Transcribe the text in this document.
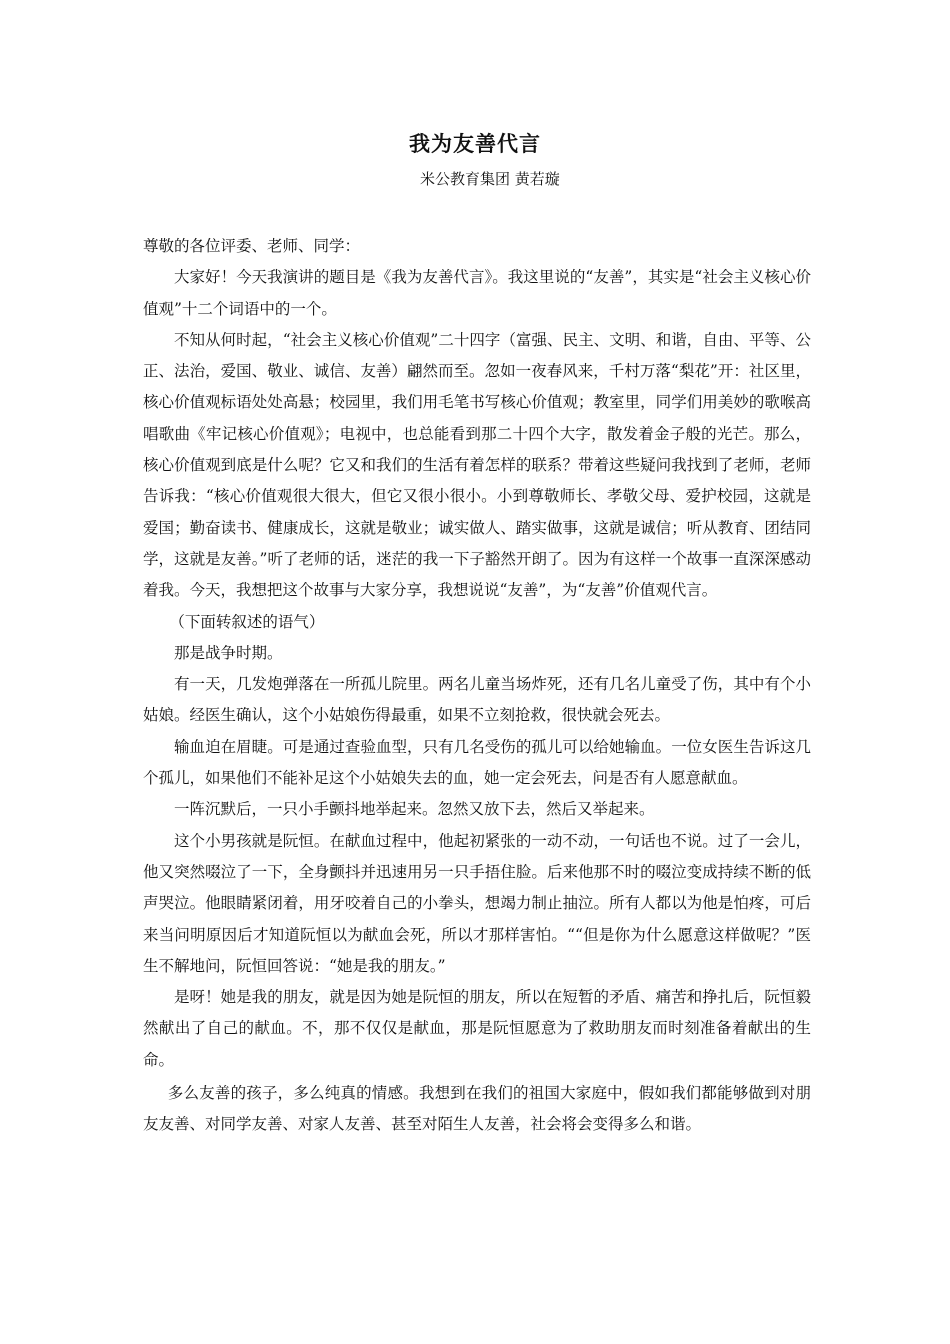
我为友善代言

米公教育集团 黄若璇

尊敬的各位评委、老师、同学：

大家好！今天我演讲的题目是《我为友善代言》。我这里说的“友善”，其实是“社会主义核心价值观”十二个词语中的一个。

不知从何时起，“社会主义核心价值观”二十四字（富强、民主、文明、和谐，自由、平等、公正、法治，爱国、敬业、诚信、友善）翩然而至。忽如一夜春风来，千村万落“梨花”开：社区里，核心价值观标语处处高悬；校园里，我们用毛笔书写核心价值观；教室里，同学们用美妙的歌喉高唱歌曲《牢记核心价值观》；电视中，也总能看到那二十四个大字，散发着金子般的光芒。那么，核心价值观到底是什么呢？它又和我们的生活有着怎样的联系？带着这些疑问我找到了老师，老师告诉我：“核心价值观很大很大，但它又很小很小。小到尊敬师长、孝敬父母、爱护校园，这就是爱国；勤奋读书、健康成长，这就是敬业；诚实做人、踏实做事，这就是诚信；听从教育、团结同学，这就是友善。”听了老师的话，迷茫的我一下子豁然开朗了。因为有这样一个故事一直深深感动着我。今天，我想把这个故事与大家分享，我想说说“友善”，为“友善”价值观代言。

（下面转叙述的语气）

那是战争时期。

有一天，几发炮弹落在一所孤儿院里。两名儿童当场炸死，还有几名儿童受了伤，其中有个小姑娘。经医生确认，这个小姑娘伤得最重，如果不立刻抢救，很快就会死去。

输血迫在眉睫。可是通过查验血型，只有几名受伤的孤儿可以给她输血。一位女医生告诉这几个孤儿，如果他们不能补足这个小姑娘失去的血，她一定会死去，问是否有人愿意献血。

一阵沉默后，一只小手颤抖地举起来。忽然又放下去，然后又举起来。

这个小男孩就是阮恒。在献血过程中，他起初紧张的一动不动，一句话也不说。过了一会儿，他又突然啜泣了一下，全身颤抖并迅速用另一只手捂住脸。后来他那不时的啜泣变成持续不断的低声哭泣。他眼睛紧闭着，用牙咬着自己的小拳头，想竭力制止抽泣。所有人都以为他是怕疼，可后来当问明原因后才知道阮恒以为献血会死，所以才那样害怕。““但是你为什么愿意这样做呢？”医生不解地问，阮恒回答说：“她是我的朋友。”

是呀！她是我的朋友，就是因为她是阮恒的朋友，所以在短暂的矛盾、痛苦和挣扎后，阮恒毅然献出了自己的献血。不，那不仅仅是献血，那是阮恒愿意为了救助朋友而时刻准备着献出的生命。

多么友善的孩子，多么纯真的情感。我想到在我们的祖国大家庭中，假如我们都能够做到对朋友友善、对同学友善、对家人友善、甚至对陌生人友善，社会将会变得多么和谐。
